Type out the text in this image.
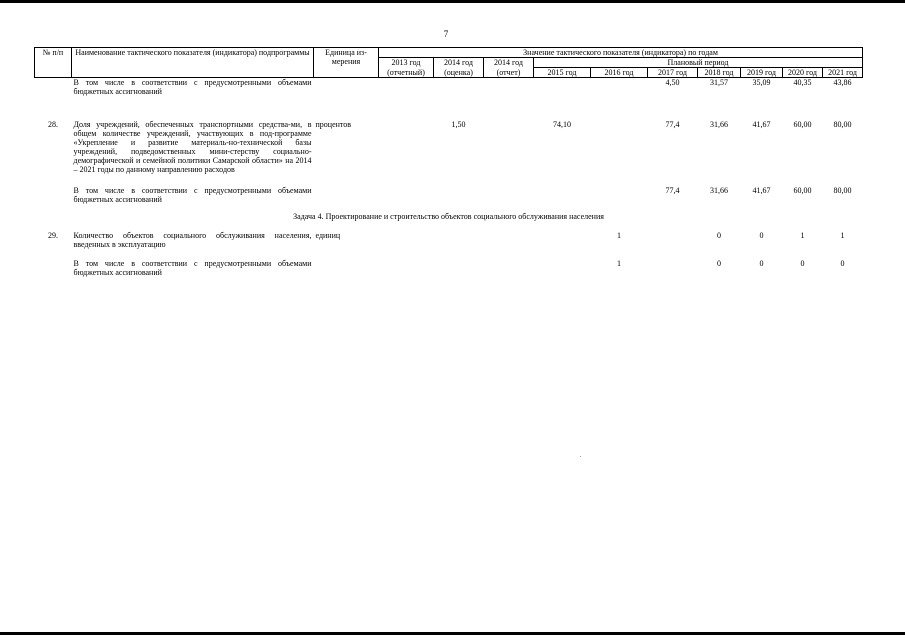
7
№ п/п	Наименование тактического показателя (индикатора) подпрограммы	Единица из-мерения	Значение тактического показателя (индикатора) по годам									
			2013 год	2014 год	2014 год	Плановый период						
			(отчетный)	(оценка)	(отчет)	2015 год	2016 год	2017 год	2018 год	2019 год	2020 год	2021 год
	В том числе в соответствии с предусмотренными объемами бюджетных ассигнований							4,50	31,57	35,09	40,35	43,86

28.	Доля учреждений, обеспеченных транспортными средства-ми, в общем количестве учреждений, участвующих в под-программе «Укрепление и развитие материаль-но-технической базы учреждений, подведомственных мини-стерству социально-демографической и семейной политики Самарской области» на 2014 – 2021 годы по данному направлению расходов	процентов		1,50		74,10		77,4	31,66	41,67	60,00	80,00

	В том числе в соответствии с предусмотренными объемами бюджетных ассигнований							77,4	31,66	41,67	60,00	80,00

Задача 4. Проектирование и строительство объектов социального обслуживания населения												

29.	Количество объектов социального обслуживания населения, введенных в эксплуатацию	единиц					1		0	0	1	1

	В том числе в соответствии с предусмотренными объемами бюджетных ассигнований						1		0	0	0	0
